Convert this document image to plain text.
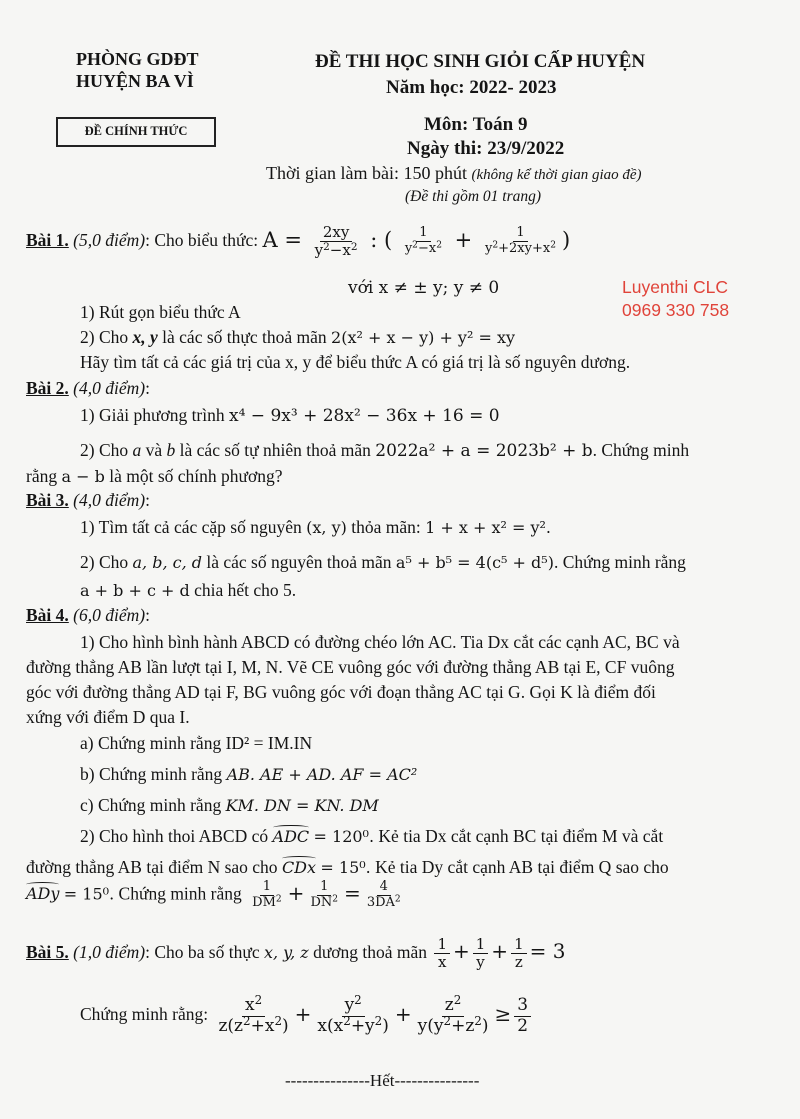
PHÒNG GDĐT
HUYỆN BA VÌ
ĐỀ CHÍNH THỨC
ĐỀ THI HỌC SINH GIỎI CẤP HUYỆN
Năm học: 2022- 2023
Môn: Toán 9
Ngày thi: 23/9/2022
Thời gian làm bài: 150 phút (không kể thời gian giao đề)
(Đề thi gồm 01 trang)
Luyenthi CLC
0969 330 758
Bài 1. (5,0 điểm): Cho biểu thức: $A = \frac{2xy}{y^2-x^2}$ : ( $\frac{1}{y^2-x^2} + \frac{1}{y^2+2xy+x^2}$ )
với x ≠ ± y; y ≠ 0
1) Rút gọn biểu thức A
2) Cho x, y là các số thực thoả mãn 2(x² + x − y) + y² = xy
Hãy tìm tất cả các giá trị của x, y để biểu thức A có giá trị là số nguyên dương.
Bài 2. (4,0 điểm):
1) Giải phương trình x⁴ − 9x³ + 28x² − 36x + 16 = 0
2) Cho a và b là các số tự nhiên thoả mãn 2022a² + a = 2023b² + b. Chứng minh
rằng a − b là một số chính phương?
Bài 3. (4,0 điểm):
1) Tìm tất cả các cặp số nguyên (x, y) thỏa mãn: 1 + x + x² = y².
2) Cho a, b, c, d là các số nguyên thoả mãn a⁵ + b⁵ = 4(c⁵ + d⁵). Chứng minh rằng
a + b + c + d chia hết cho 5.
Bài 4. (6,0 điểm):
1) Cho hình bình hành ABCD có đường chéo lớn AC. Tia Dx cắt các cạnh AC, BC và
đường thẳng AB lần lượt tại I, M, N. Vẽ CE vuông góc với đường thẳng AB tại E, CF vuông
góc với đường thẳng AD tại F, BG vuông góc với đoạn thẳng AC tại G. Gọi K là điểm đối
xứng với điểm D qua I.
a) Chứng minh rằng ID² = IM.IN
b) Chứng minh rằng AB. AE + AD. AF = AC²
c) Chứng minh rằng KM. DN = KN. DM
2) Cho hình thoi ABCD có ADC = 120⁰. Kẻ tia Dx cắt cạnh BC tại điểm M và cắt
đường thẳng AB tại điểm N sao cho CDx = 15⁰. Kẻ tia Dy cắt cạnh AB tại điểm Q sao cho
ADy = 15⁰. Chứng minh rằng $\frac{1}{DM^2} + \frac{1}{DN^2} = \frac{4}{3DA^2}$
Bài 5. (1,0 điểm): Cho ba số thực x, y, z dương thoả mãn $\frac{1}{x} + \frac{1}{y} + \frac{1}{z} = 3$
Chứng minh rằng: $\frac{x^2}{z(z^2+x^2)} + \frac{y^2}{x(x^2+y^2)} + \frac{z^2}{y(y^2+z^2)} \ge \frac{3}{2}$
---------------Hết---------------
